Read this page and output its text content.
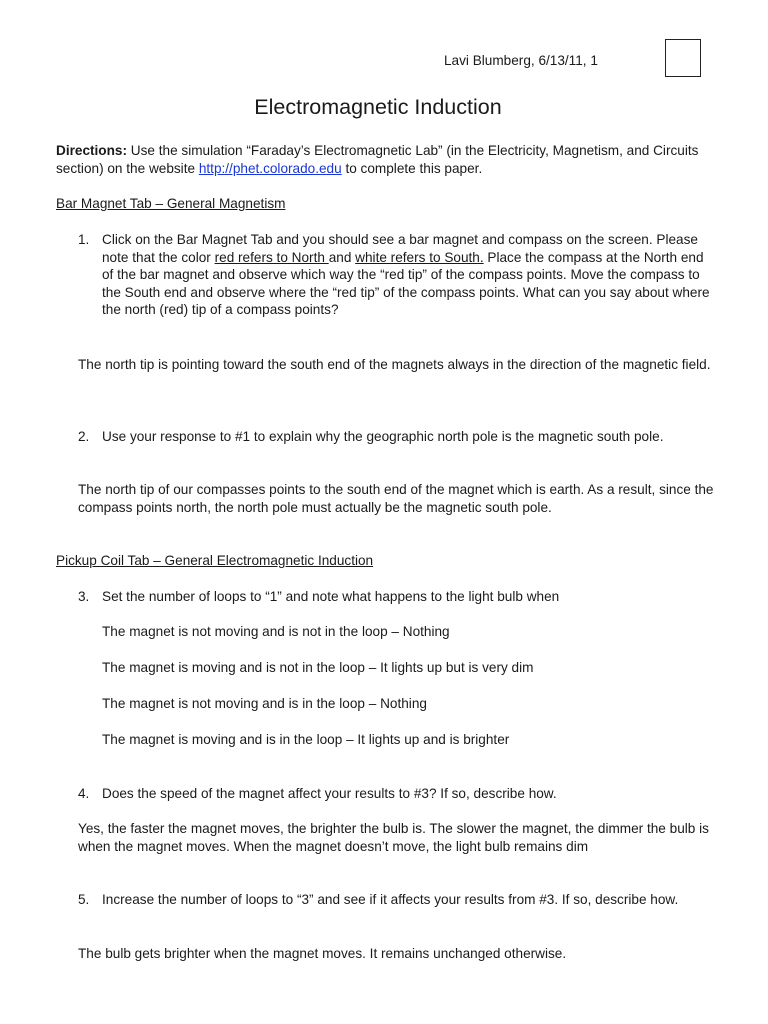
Lavi Blumberg, 6/13/11, 1
Electromagnetic Induction
Directions: Use the simulation “Faraday’s Electromagnetic Lab” (in the Electricity, Magnetism, and Circuits section) on the website http://phet.colorado.edu to complete this paper.
Bar Magnet Tab – General Magnetism
1. Click on the Bar Magnet Tab and you should see a bar magnet and compass on the screen. Please note that the color red refers to North and white refers to South. Place the compass at the North end of the bar magnet and observe which way the “red tip” of the compass points. Move the compass to the South end and observe where the “red tip” of the compass points. What can you say about where the north (red) tip of a compass points?
The north tip is pointing toward the south end of the magnets always in the direction of the magnetic field.
2. Use your response to #1 to explain why the geographic north pole is the magnetic south pole.
The north tip of our compasses points to the south end of the magnet which is earth. As a result, since the compass points north, the north pole must actually be the magnetic south pole.
Pickup Coil Tab – General Electromagnetic Induction
3. Set the number of loops to “1” and note what happens to the light bulb when
The magnet is not moving and is not in the loop – Nothing
The magnet is moving and is not in the loop – It lights up but is very dim
The magnet is not moving and is in the loop – Nothing
The magnet is moving and is in the loop – It lights up and is brighter
4. Does the speed of the magnet affect your results to #3? If so, describe how.
Yes, the faster the magnet moves, the brighter the bulb is. The slower the magnet, the dimmer the bulb is when the magnet moves. When the magnet doesn’t move, the light bulb remains dim
5. Increase the number of loops to “3” and see if it affects your results from #3. If so, describe how.
The bulb gets brighter when the magnet moves. It remains unchanged otherwise.
